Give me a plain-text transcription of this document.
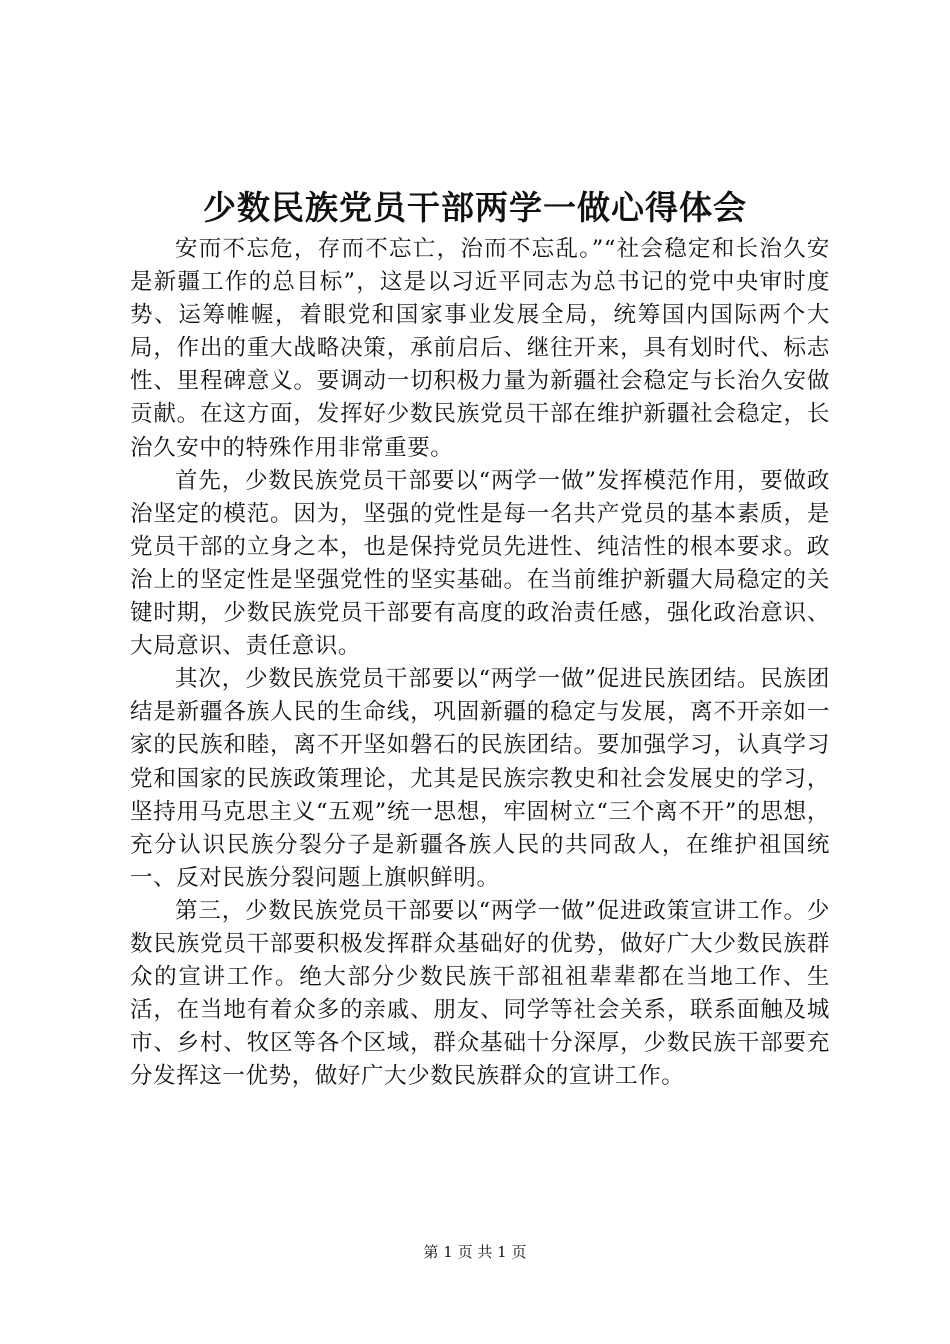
少数民族党员干部两学一做心得体会

安而不忘危，存而不忘亡，治而不忘乱。”“社会稳定和长治久安是新疆工作的总目标”，这是以习近平同志为总书记的党中央审时度势、运筹帷幄，着眼党和国家事业发展全局，统筹国内国际两个大局，作出的重大战略决策，承前启后、继往开来，具有划时代、标志性、里程碑意义。要调动一切积极力量为新疆社会稳定与长治久安做贡献。在这方面，发挥好少数民族党员干部在维护新疆社会稳定，长治久安中的特殊作用非常重要。

首先，少数民族党员干部要以“两学一做”发挥模范作用，要做政治坚定的模范。因为，坚强的党性是每一名共产党员的基本素质，是党员干部的立身之本，也是保持党员先进性、纯洁性的根本要求。政治上的坚定性是坚强党性的坚实基础。在当前维护新疆大局稳定的关键时期，少数民族党员干部要有高度的政治责任感，强化政治意识、大局意识、责任意识。

其次，少数民族党员干部要以“两学一做”促进民族团结。民族团结是新疆各族人民的生命线，巩固新疆的稳定与发展，离不开亲如一家的民族和睦，离不开坚如磐石的民族团结。要加强学习，认真学习党和国家的民族政策理论，尤其是民族宗教史和社会发展史的学习，坚持用马克思主义“五观”统一思想，牢固树立“三个离不开”的思想，充分认识民族分裂分子是新疆各族人民的共同敌人，在维护祖国统一、反对民族分裂问题上旗帜鲜明。

第三，少数民族党员干部要以“两学一做”促进政策宣讲工作。少数民族党员干部要积极发挥群众基础好的优势，做好广大少数民族群众的宣讲工作。绝大部分少数民族干部祖祖辈辈都在当地工作、生活，在当地有着众多的亲戚、朋友、同学等社会关系，联系面触及城市、乡村、牧区等各个区域，群众基础十分深厚，少数民族干部要充分发挥这一优势，做好广大少数民族群众的宣讲工作。

第 1 页 共 1 页
